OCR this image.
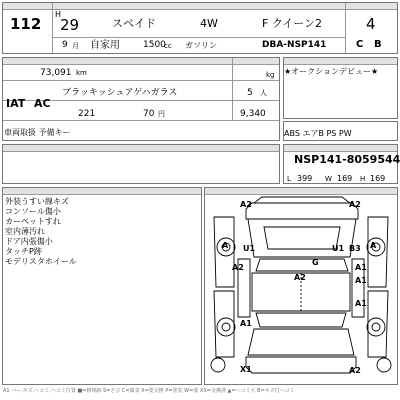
112
H
29	スペイド	4W	F クイーン2	4
9 月 自家用	1500
cc ガソリン	DBA-NSP141	C B
73,091 km
ブラッキッシュアゲハガラス	5 人
kg
IAT AC
221	70 円	9,340
車両取扱 予備キー
★オークションデビュー★
ABS エアB PS PW
NSP141-8059544
L 399 W 169 H 169
外装うすい線キズ
コンソール傷小
カーペットすれ
室内薄汚れ
ドア内張傷小
タッチP跡
モデリスタホイール
A2	A2
A	B3 A
U1	U1
G
A2	A1
A2	A1
A1
A1
X1	A2
A1 バー,キズ,ヘコミ,ヘコミ位置 ■=修理跡 S=さび C=腐食 X=要交換 P=塗装 W=波 XX=交換済 ▲=ヘコミ大 B=キズ付ヘコミ
